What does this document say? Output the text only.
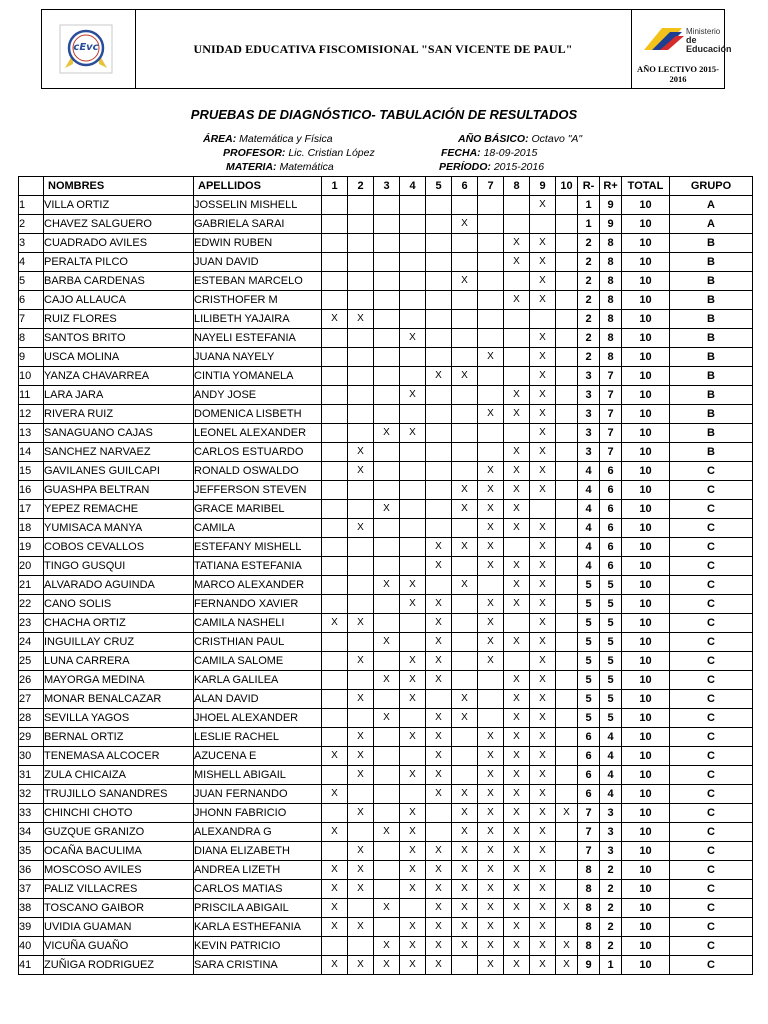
cEvc	UNIDAD EDUCATIVA FISCOMISIONAL "SAN VICENTE DE PAUL"
Ministerio
de Educación
AÑO LECTIVO 2015-2016
PRUEBAS DE DIAGNÓSTICO- TABULACIÓN DE RESULTADOS
ÁREA: Matemática y Física
PROFESOR: Lic. Cristian López
MATERIA: Matemática
AÑO BÁSICO: Octavo "A"
FECHA: 18-09-2015
PERÍODO: 2015-2016
	NOMBRES	APELLIDOS	1	2	3	4	5	6	7	8	9	10	R-	R+	TOTAL	GRUPO
1	VILLA ORTIZ	JOSSELIN MISHELL									X		1	9	10	A
2	CHAVEZ SALGUERO	GABRIELA SARAI						X					1	9	10	A
3	CUADRADO AVILES	EDWIN RUBEN								X	X		2	8	10	B
4	PERALTA PILCO	JUAN DAVID								X	X		2	8	10	B
5	BARBA CARDENAS	ESTEBAN MARCELO						X			X		2	8	10	B
6	CAJO ALLAUCA	CRISTHOFER M								X	X		2	8	10	B
7	RUIZ FLORES	LILIBETH YAJAIRA	X	X									2	8	10	B
8	SANTOS BRITO	NAYELI ESTEFANIA				X					X		2	8	10	B
9	USCA MOLINA	JUANA NAYELY							X		X		2	8	10	B
10	YANZA CHAVARREA	CINTIA YOMANELA					X	X			X		3	7	10	B
11	LARA JARA	ANDY JOSE				X				X	X		3	7	10	B
12	RIVERA RUIZ	DOMENICA LISBETH							X	X	X		3	7	10	B
13	SANAGUANO CAJAS	LEONEL ALEXANDER			X	X					X		3	7	10	B
14	SANCHEZ NARVAEZ	CARLOS ESTUARDO		X						X	X		3	7	10	B
15	GAVILANES GUILCAPI	RONALD OSWALDO		X					X	X	X		4	6	10	C
16	GUASHPA BELTRAN	JEFFERSON STEVEN						X	X	X	X		4	6	10	C
17	YEPEZ REMACHE	GRACE MARIBEL			X			X	X	X			4	6	10	C
18	YUMISACA MANYA	CAMILA		X					X	X	X		4	6	10	C
19	COBOS CEVALLOS	ESTEFANY MISHELL					X	X	X		X		4	6	10	C
20	TINGO GUSQUI	TATIANA ESTEFANIA					X		X	X	X		4	6	10	C
21	ALVARADO AGUINDA	MARCO ALEXANDER			X	X		X		X	X		5	5	10	C
22	CANO SOLIS	FERNANDO XAVIER				X	X		X	X	X		5	5	10	C
23	CHACHA ORTIZ	CAMILA NASHELI	X	X			X		X		X		5	5	10	C
24	INGUILLAY CRUZ	CRISTHIAN PAUL			X		X		X	X	X		5	5	10	C
25	LUNA CARRERA	CAMILA SALOME		X		X	X		X		X		5	5	10	C
26	MAYORGA MEDINA	KARLA GALILEA			X	X	X			X	X		5	5	10	C
27	MONAR BENALCAZAR	ALAN DAVID		X		X		X		X	X		5	5	10	C
28	SEVILLA YAGOS	JHOEL ALEXANDER			X		X	X		X	X		5	5	10	C
29	BERNAL ORTIZ	LESLIE RACHEL		X		X	X		X	X	X		6	4	10	C
30	TENEMASA ALCOCER	AZUCENA E	X	X			X		X	X	X		6	4	10	C
31	ZULA CHICAIZA	MISHELL ABIGAIL		X		X	X		X	X	X		6	4	10	C
32	TRUJILLO SANANDRES	JUAN FERNANDO	X				X	X	X	X	X		6	4	10	C
33	CHINCHI CHOTO	JHONN FABRICIO		X		X		X	X	X	X	X	7	3	10	C
34	GUZQUE GRANIZO	ALEXANDRA G	X		X	X		X	X	X	X		7	3	10	C
35	OCAÑA BACULIMA	DIANA ELIZABETH		X		X	X	X	X	X	X		7	3	10	C
36	MOSCOSO AVILES	ANDREA LIZETH	X	X		X	X	X	X	X	X		8	2	10	C
37	PALIZ VILLACRES	CARLOS MATIAS	X	X		X	X	X	X	X	X		8	2	10	C
38	TOSCANO GAIBOR	PRISCILA ABIGAIL	X		X		X	X	X	X	X	X	8	2	10	C
39	UVIDIA GUAMAN	KARLA ESTHEFANIA	X	X		X	X	X	X	X	X		8	2	10	C
40	VICUÑA GUAÑO	KEVIN PATRICIO			X	X	X	X	X	X	X	X	8	2	10	C
41	ZUÑIGA RODRIGUEZ	SARA CRISTINA	X	X	X	X	X		X	X	X	X	9	1	10	C
